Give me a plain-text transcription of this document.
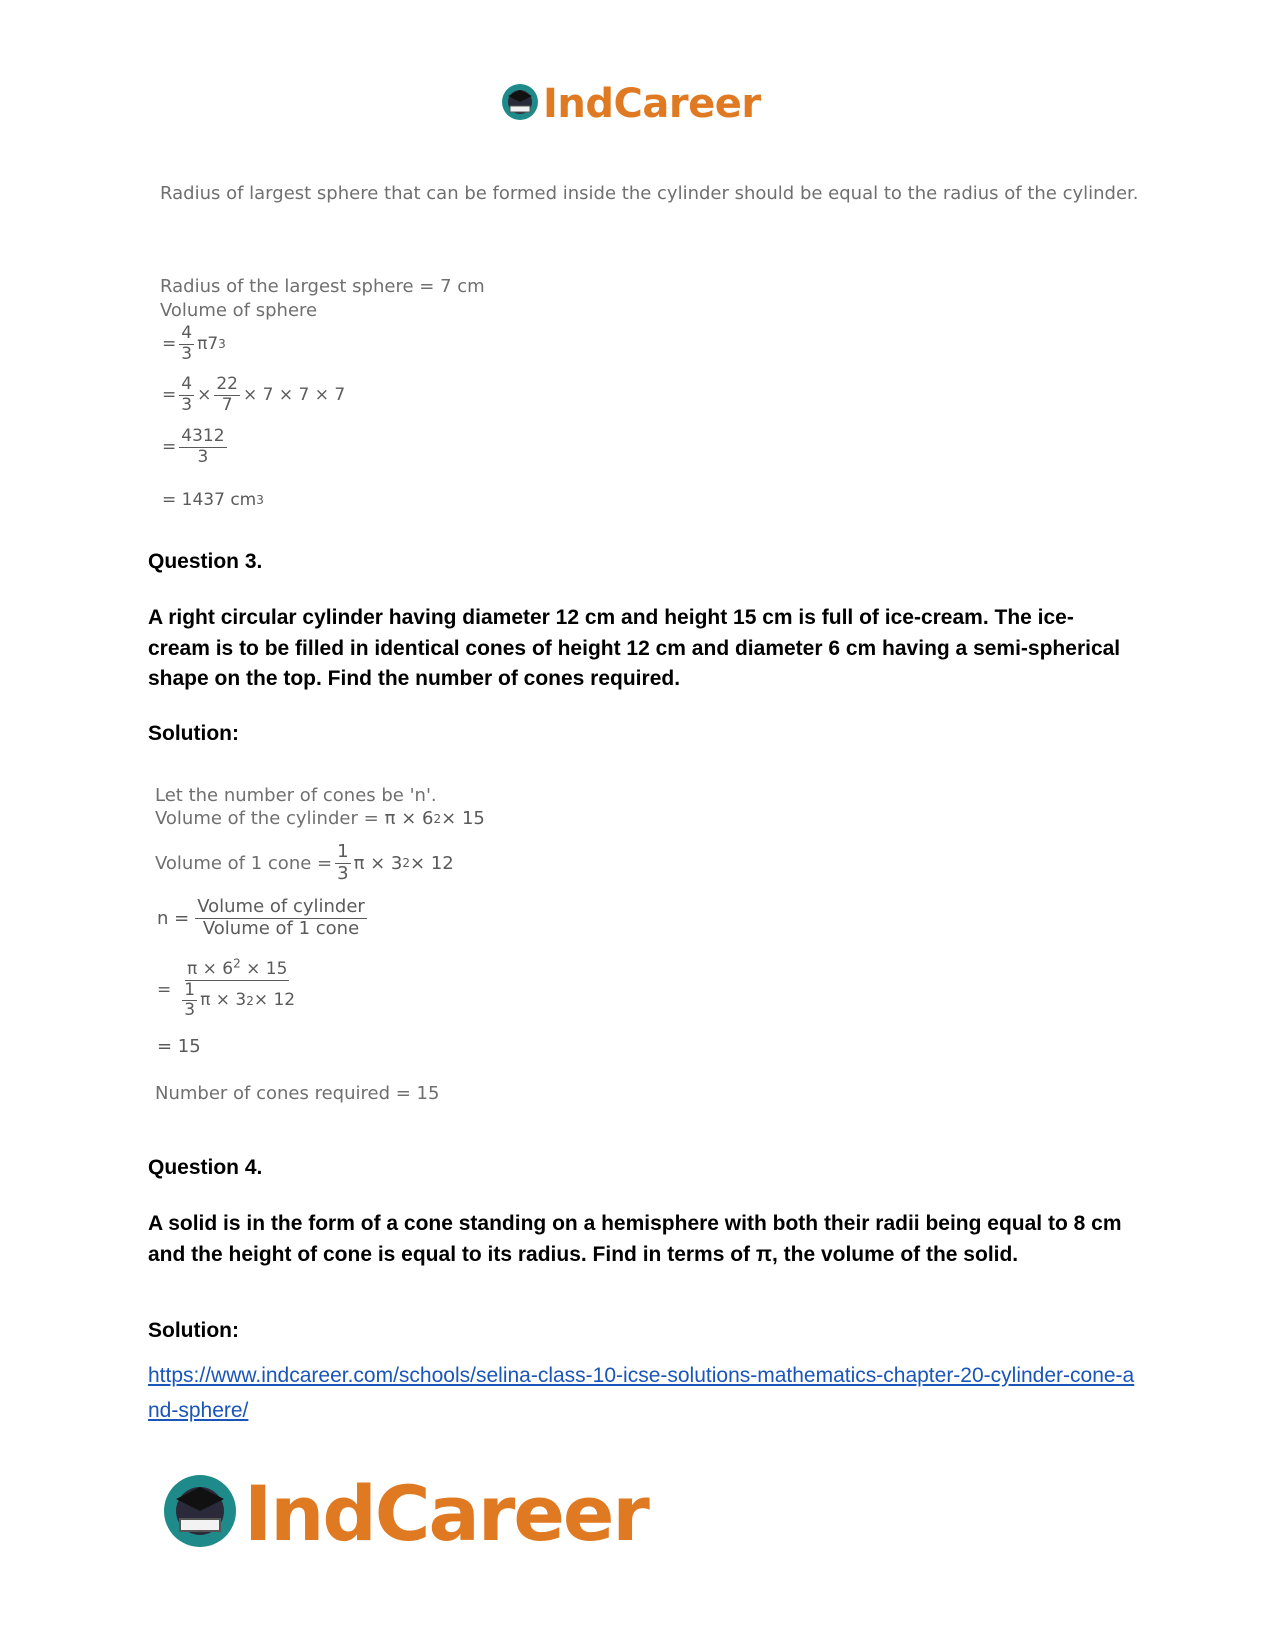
IndCareer
Radius of largest sphere that can be formed inside the cylinder should be equal to the radius of the cylinder.
Radius of the largest sphere = 7 cm
Volume of sphere
= $\frac{4}{3} \pi 7$ 3
= $\frac{4}{3} \times \frac{22}{7} \times 7 \times 7 \times 7$
= $\frac{4312}{3}$
= 1437 cm 3
Question 3.
A right circular cylinder having diameter 12 cm and height 15 cm is full of ice-cream. The ice-cream is to be filled in identical cones of height 12 cm and diameter 6 cm having a semi-spherical shape on the top. Find the number of cones required.
Solution:
Let the number of cones be 'n'.
Volume of the cylinder = π × 6 2 × 15
Volume of 1 cone = $\frac{1}{3}$ π × 3 2 × 12
$n = \frac{\text{Volume of cylinder}}{\text{Volume of 1 cone}}$
= $\frac{\pi \times 6^2 \times 15}{\frac{1}{3} \pi \times 3 2 \times 12}$
= 15
Number of cones required = 15
Question 4.
A solid is in the form of a cone standing on a hemisphere with both their radii being equal to 8 cm and the height of cone is equal to its radius. Find in terms of π, the volume of the solid.
Solution:
https://www.indcareer.com/schools/selina-class-10-icse-solutions-mathematics-chapter-20-cylinder-cone-and-sphere/
IndCareer
